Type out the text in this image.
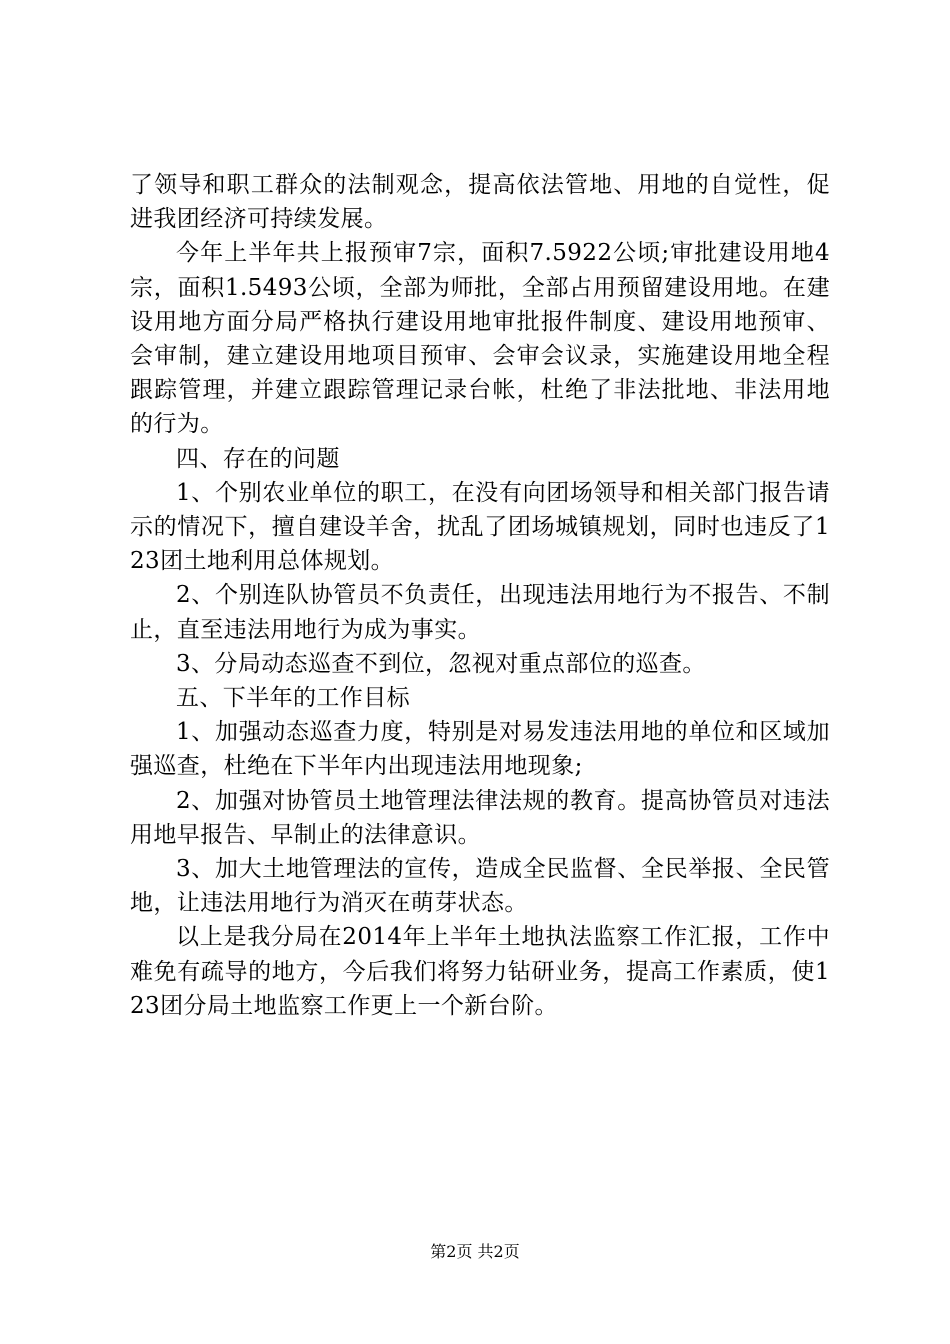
了领导和职工群众的法制观念，提高依法管地、用地的自觉性，促进我团经济可持续发展。

今年上半年共上报预审7宗，面积7.5922公顷;审批建设用地4宗，面积1.5493公顷，全部为师批，全部占用预留建设用地。在建设用地方面分局严格执行建设用地审批报件制度、建设用地预审、会审制，建立建设用地项目预审、会审会议录，实施建设用地全程跟踪管理，并建立跟踪管理记录台帐，杜绝了非法批地、非法用地的行为。

四、存在的问题

1、个别农业单位的职工，在没有向团场领导和相关部门报告请示的情况下，擅自建设羊舍，扰乱了团场城镇规划，同时也违反了123团土地利用总体规划。

2、个别连队协管员不负责任，出现违法用地行为不报告、不制止，直至违法用地行为成为事实。

3、分局动态巡查不到位，忽视对重点部位的巡查。

五、下半年的工作目标

1、加强动态巡查力度，特别是对易发违法用地的单位和区域加强巡查，杜绝在下半年内出现违法用地现象;

2、加强对协管员土地管理法律法规的教育。提高协管员对违法用地早报告、早制止的法律意识。

3、加大土地管理法的宣传，造成全民监督、全民举报、全民管地，让违法用地行为消灭在萌芽状态。

以上是我分局在2014年上半年土地执法监察工作汇报，工作中难免有疏导的地方，今后我们将努力钻研业务，提高工作素质，使123团分局土地监察工作更上一个新台阶。

第2页 共2页
